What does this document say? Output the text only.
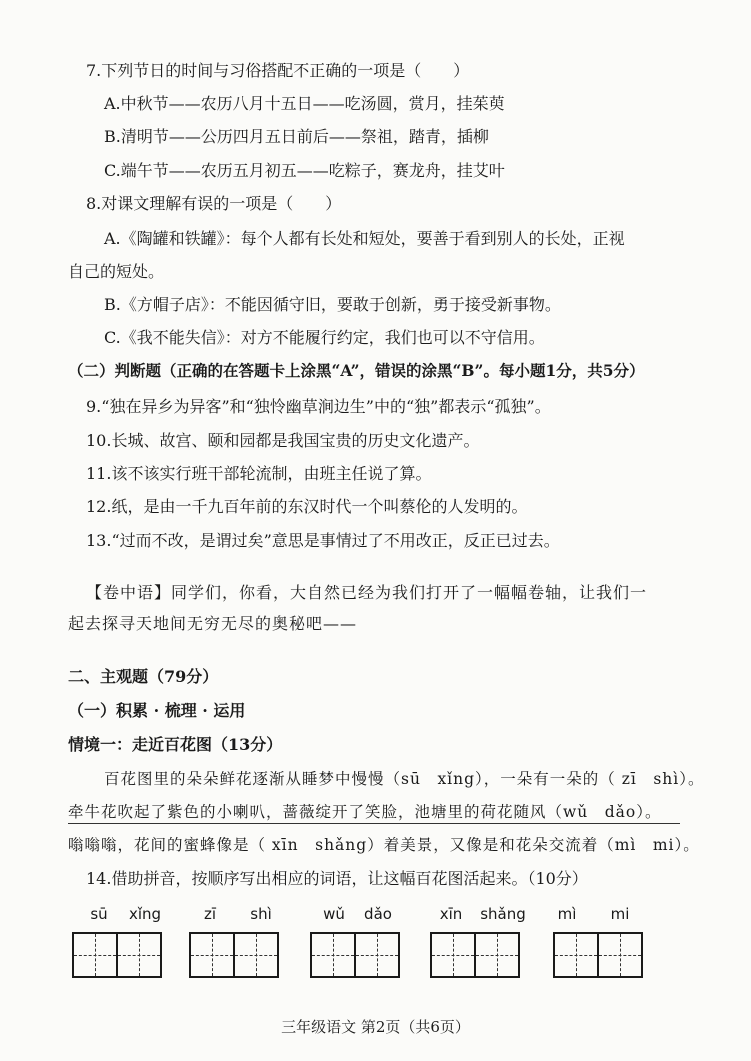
7.下列节日的时间与习俗搭配不正确的一项是（　　）
A.中秋节——农历八月十五日——吃汤圆，赏月，挂茱萸
B.清明节——公历四月五日前后——祭祖，踏青，插柳
C.端午节——农历五月初五——吃粽子，赛龙舟，挂艾叶
8.对课文理解有误的一项是（　　）
A.《陶罐和铁罐》：每个人都有长处和短处，要善于看到别人的长处，正视
自己的短处。
B.《方帽子店》：不能因循守旧，要敢于创新，勇于接受新事物。
C.《我不能失信》：对方不能履行约定，我们也可以不守信用。
（二）判断题（正确的在答题卡上涂黑“A”，错误的涂黑“B”。每小题1分，共5分）
9.“独在异乡为异客”和“独怜幽草涧边生”中的“独”都表示“孤独”。
10.长城、故宫、颐和园都是我国宝贵的历史文化遗产。
11.该不该实行班干部轮流制，由班主任说了算。
12.纸，是由一千九百年前的东汉时代一个叫蔡伦的人发明的。
13.“过而不改，是谓过矣”意思是事情过了不用改正，反正已过去。
【卷中语】同学们，你看，大自然已经为我们打开了一幅幅卷轴，让我们一
起去探寻天地间无穷无尽的奥秘吧——
二、主观题（79分）
（一）积累 · 梳理 · 运用
情境一：走近百花图（13分）
百花图里的朵朵鲜花逐渐从睡梦中慢慢（sū　xǐng），一朵有一朵的（ zī　shì）。
牵牛花吹起了紫色的小喇叭，蔷薇绽开了笑脸，池塘里的荷花随风（wǔ　dǎo）。
嗡嗡嗡，花间的蜜蜂像是（ xīn　shǎng）着美景，又像是和花朵交流着（mì　mi）。
14.借助拼音，按顺序写出相应的词语，让这幅百花图活起来。（10分）
sū	xǐng	zī	shì	wǔ	dǎo	xīn	shǎng	mì	mi
三年级语文 第2页（共6页）
